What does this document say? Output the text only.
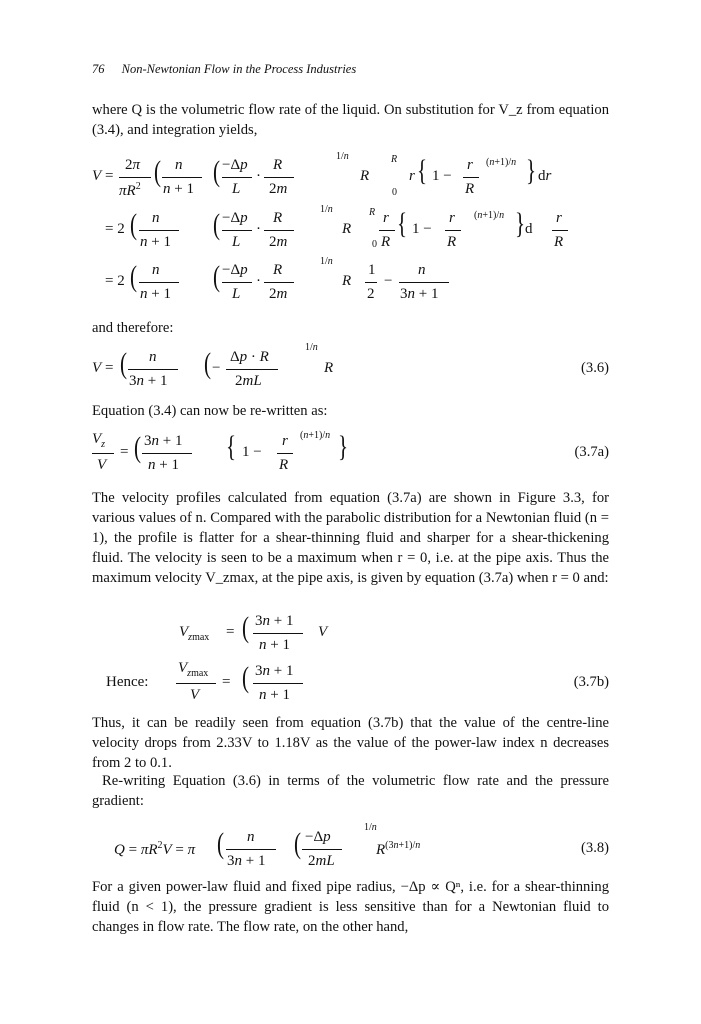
76 Non-Newtonian Flow in the Process Industries
where Q is the volumetric flow rate of the liquid. On substitution for V_z from equation (3.4), and integration yields,
V =
2π
$\pi R^2$ ( n
n + 1
( −Δp
L
·
R
2m
1/n
R
R
0
r { 1 −
r
R
(n+1)/n } dr
= 2 ( n
n + 1
( −Δp
L
·
R
2m
1/n
R
R
0
r
R
{ 1 −
r
R
(n+1)/n } d
r
R
= 2 ( n
n + 1
( −Δp
L
·
R
2m
1/n
R
1
2
−
n
3n + 1
and therefore:
V = ( n
3n + 1
( −
Δp · R
2mL
1/n
R	(3.6)
Equation (3.4) can now be re-written as:
$V_z$
V
= ( 3n + 1
n + 1
{ 1 −
r
R
(n+1)/n }	(3.7a)
The velocity profiles calculated from equation (3.7a) are shown in Figure 3.3, for various values of n. Compared with the parabolic distribution for a Newtonian fluid (n = 1), the profile is flatter for a shear-thinning fluid and sharper for a shear-thickening fluid. The velocity is seen to be a maximum when r = 0, i.e. at the pipe axis. Thus the maximum velocity V_zmax, at the pipe axis, is given by equation (3.7a) when r = 0 and:
$V_{zmax}$ = ( 3n + 1
n + 1
V
Hence:
$V_{zmax}$
V
= ( 3n + 1
n + 1
(3.7b)
Thus, it can be readily seen from equation (3.7b) that the value of the centre-line velocity drops from 2.33V to 1.18V as the value of the power-law index n decreases from 2 to 0.1.
Re-writing Equation (3.6) in terms of the volumetric flow rate and the pressure gradient:
$Q = \pi R^2V = \pi$ ( n
3n + 1
( −Δp
2mL
1/n
$R^{(3n+1)/n}$	(3.8)
For a given power-law fluid and fixed pipe radius, −Δp ∝ Qⁿ, i.e. for a shear-thinning fluid (n < 1), the pressure gradient is less sensitive than for a Newtonian fluid to changes in flow rate. The flow rate, on the other hand,
